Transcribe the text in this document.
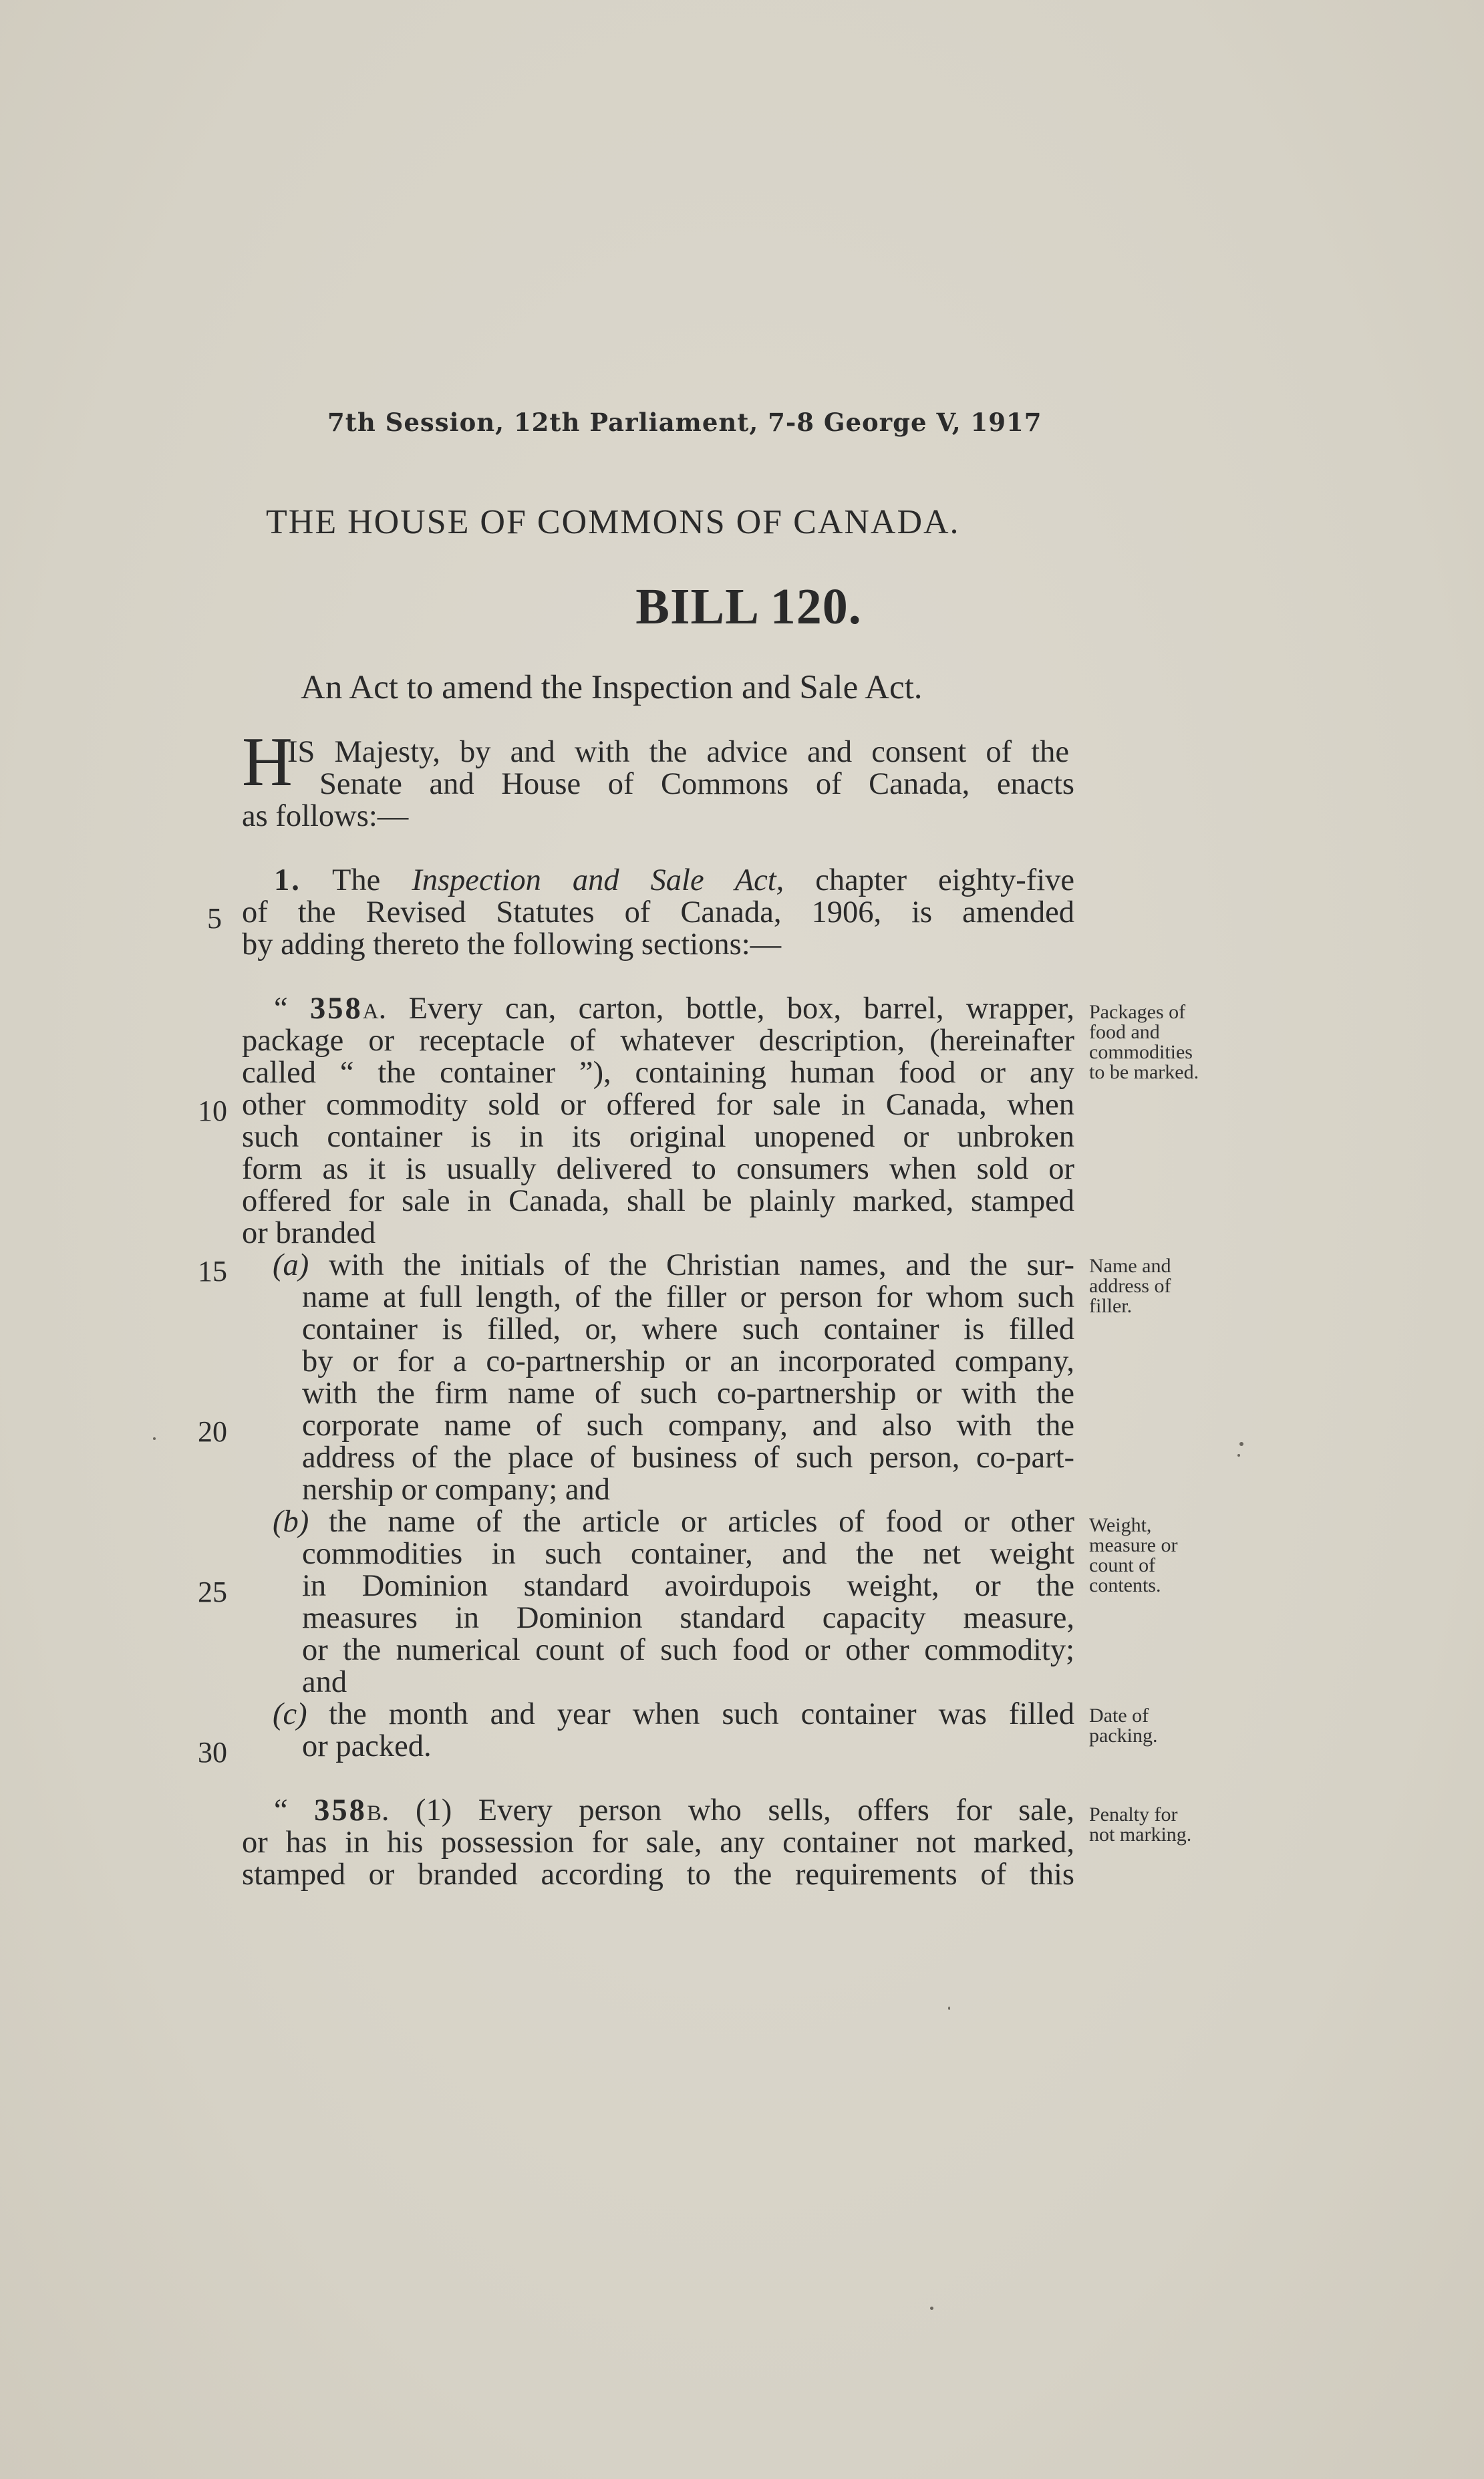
7th Session, 12th Parliament, 7-8 George V, 1917
THE HOUSE OF COMMONS OF CANADA.
BILL 120.
An Act to amend the Inspection and Sale Act.
H
IS Majesty, by and with the advice and consent of the
Senate and House of Commons of Canada, enacts
as follows:—
1. The Inspection and Sale Act, chapter eighty-five
of the Revised Statutes of Canada, 1906, is amended
by adding thereto the following sections:—
“ 358a. Every can, carton, bottle, box, barrel, wrapper,
package or receptacle of whatever description, (hereinafter
called “ the container ”), containing human food or any
other commodity sold or offered for sale in Canada, when
such container is in its original unopened or unbroken
form as it is usually delivered to consumers when sold or
offered for sale in Canada, shall be plainly marked, stamped
or branded
(a) with the initials of the Christian names, and the sur-
name at full length, of the filler or person for whom such
container is filled, or, where such container is filled
by or for a co-partnership or an incorporated company,
with the firm name of such co-partnership or with the
corporate name of such company, and also with the
address of the place of business of such person, co-part-
nership or company; and
(b) the name of the article or articles of food or other
commodities in such container, and the net weight
in Dominion standard avoirdupois weight, or the
measures in Dominion standard capacity measure,
or the numerical count of such food or other commodity;
and
(c) the month and year when such container was filled
or packed.
“ 358b. (1) Every person who sells, offers for sale,
or has in his possession for sale, any container not marked,
stamped or branded according to the requirements of this
5
10
15
20
25
30
Packages of
food and
commodities
to be marked.
Name and
address of
filler.
Weight,
measure or
count of
contents.
Date of
packing.
Penalty for
not marking.
